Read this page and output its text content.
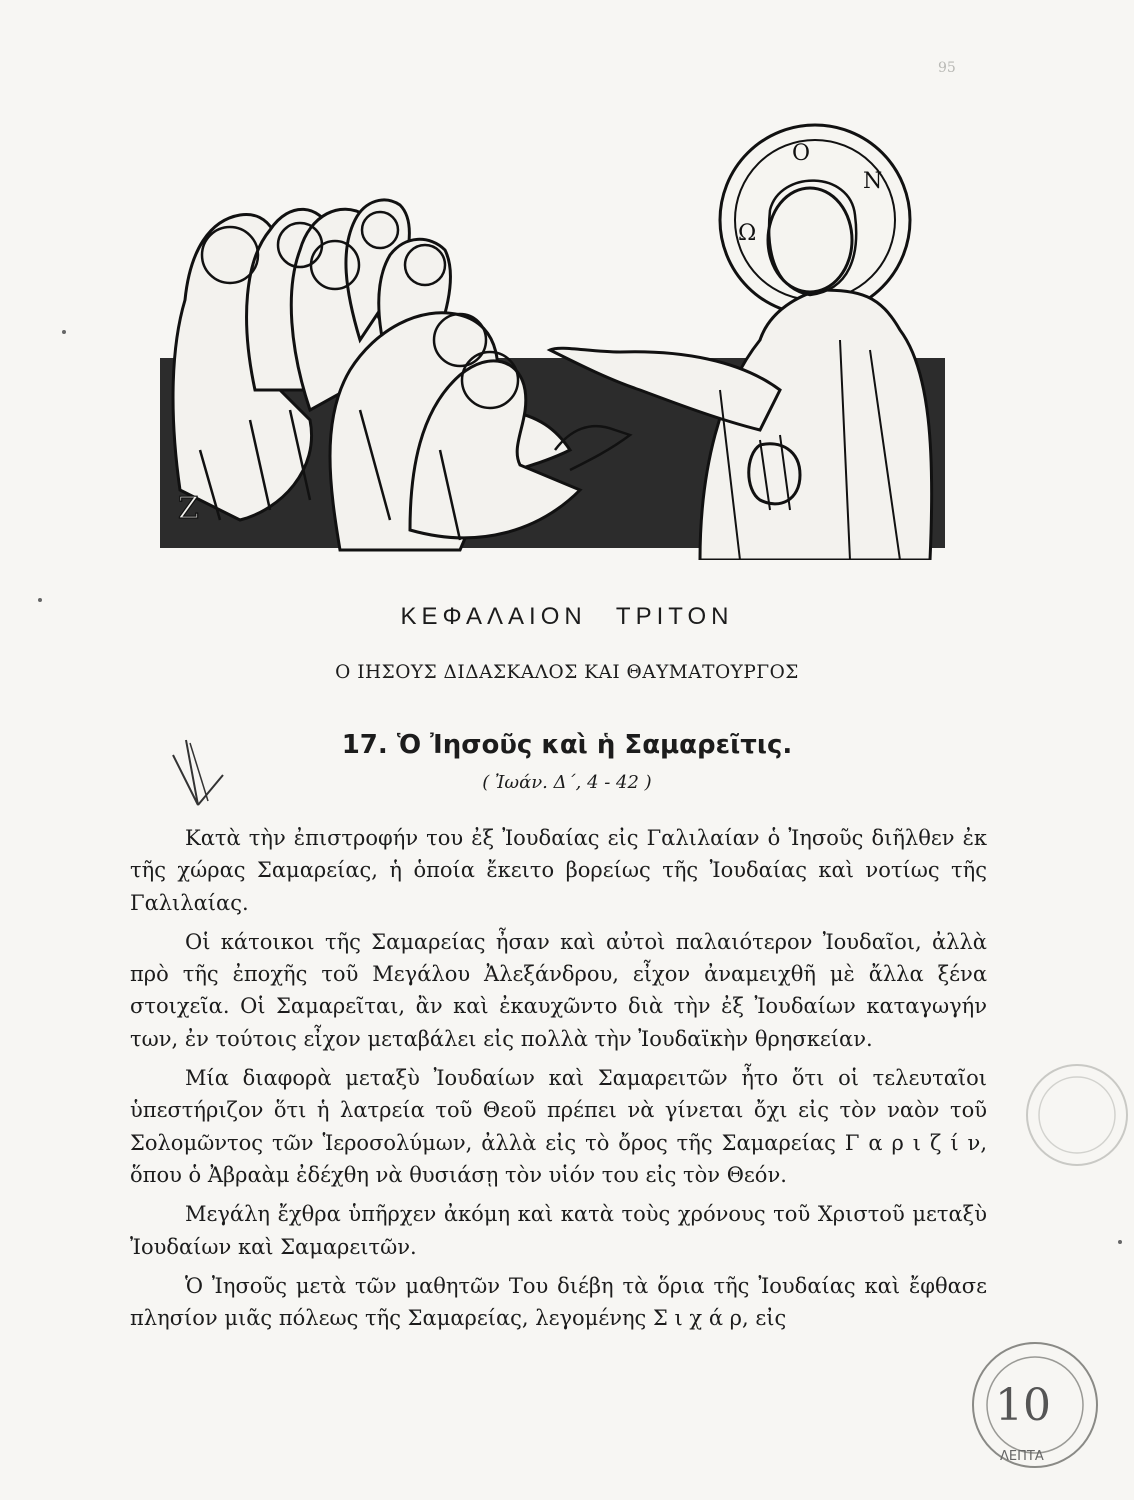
95
Ζ
Ο
Ν
Ω
ΚΕΦΑΛΑΙΟΝ ΤΡΙΤΟΝ
Ο ΙΗΣΟΥΣ ΔΙΔΑΣΚΑΛΟΣ ΚΑΙ ΘΑΥΜΑΤΟΥΡΓΟΣ
17. Ὁ Ἰησοῦς καὶ ἡ Σαμαρεῖτις.
( Ἰωάν. Δ΄, 4 - 42 )

Κατὰ τὴν ἐπιστροφήν του ἐξ Ἰουδαίας εἰς Γαλιλαίαν ὁ Ἰησοῦς διῆλθεν ἐκ τῆς χώρας Σαμαρείας, ἡ ὁποία ἔκειτο βορείως τῆς Ἰουδαίας καὶ νοτίως τῆς Γαλιλαίας.

Οἱ κάτοικοι τῆς Σαμαρείας ἦσαν καὶ αὐτοὶ παλαιότερον Ἰουδαῖοι, ἀλλὰ πρὸ τῆς ἐποχῆς τοῦ Μεγάλου Ἀλεξάνδρου, εἶχον ἀναμειχθῆ μὲ ἄλλα ξένα στοιχεῖα. Οἱ Σαμαρεῖται, ἂν καὶ ἐκαυχῶντο διὰ τὴν ἐξ Ἰουδαίων καταγωγήν των, ἐν τούτοις εἶχον μεταβάλει εἰς πολλὰ τὴν Ἰουδαϊκὴν θρησκείαν.

Μία διαφορὰ μεταξὺ Ἰουδαίων καὶ Σαμαρειτῶν ἦτο ὅτι οἱ τελευταῖοι ὑπεστήριζον ὅτι ἡ λατρεία τοῦ Θεοῦ πρέπει νὰ γίνεται ὄχι εἰς τὸν ναὸν τοῦ Σολομῶντος τῶν Ἱεροσολύμων, ἀλλὰ εἰς τὸ ὄρος τῆς Σαμαρείας Γ α ρ ι ζ ί ν, ὅπου ὁ Ἀβραὰμ ἐδέχθη νὰ θυσιάσῃ τὸν υἱόν του εἰς τὸν Θεόν.

Μεγάλη ἔχθρα ὑπῆρχεν ἀκόμη καὶ κατὰ τοὺς χρόνους τοῦ Χριστοῦ μεταξὺ Ἰουδαίων καὶ Σαμαρειτῶν.

Ὁ Ἰησοῦς μετὰ τῶν μαθητῶν Του διέβη τὰ ὅρια τῆς Ἰουδαίας καὶ ἔφθασε πλησίον μιᾶς πόλεως τῆς Σαμαρείας, λεγομένης Σ ι χ ά ρ, εἰς

10
ΛΕΠΤΑ
